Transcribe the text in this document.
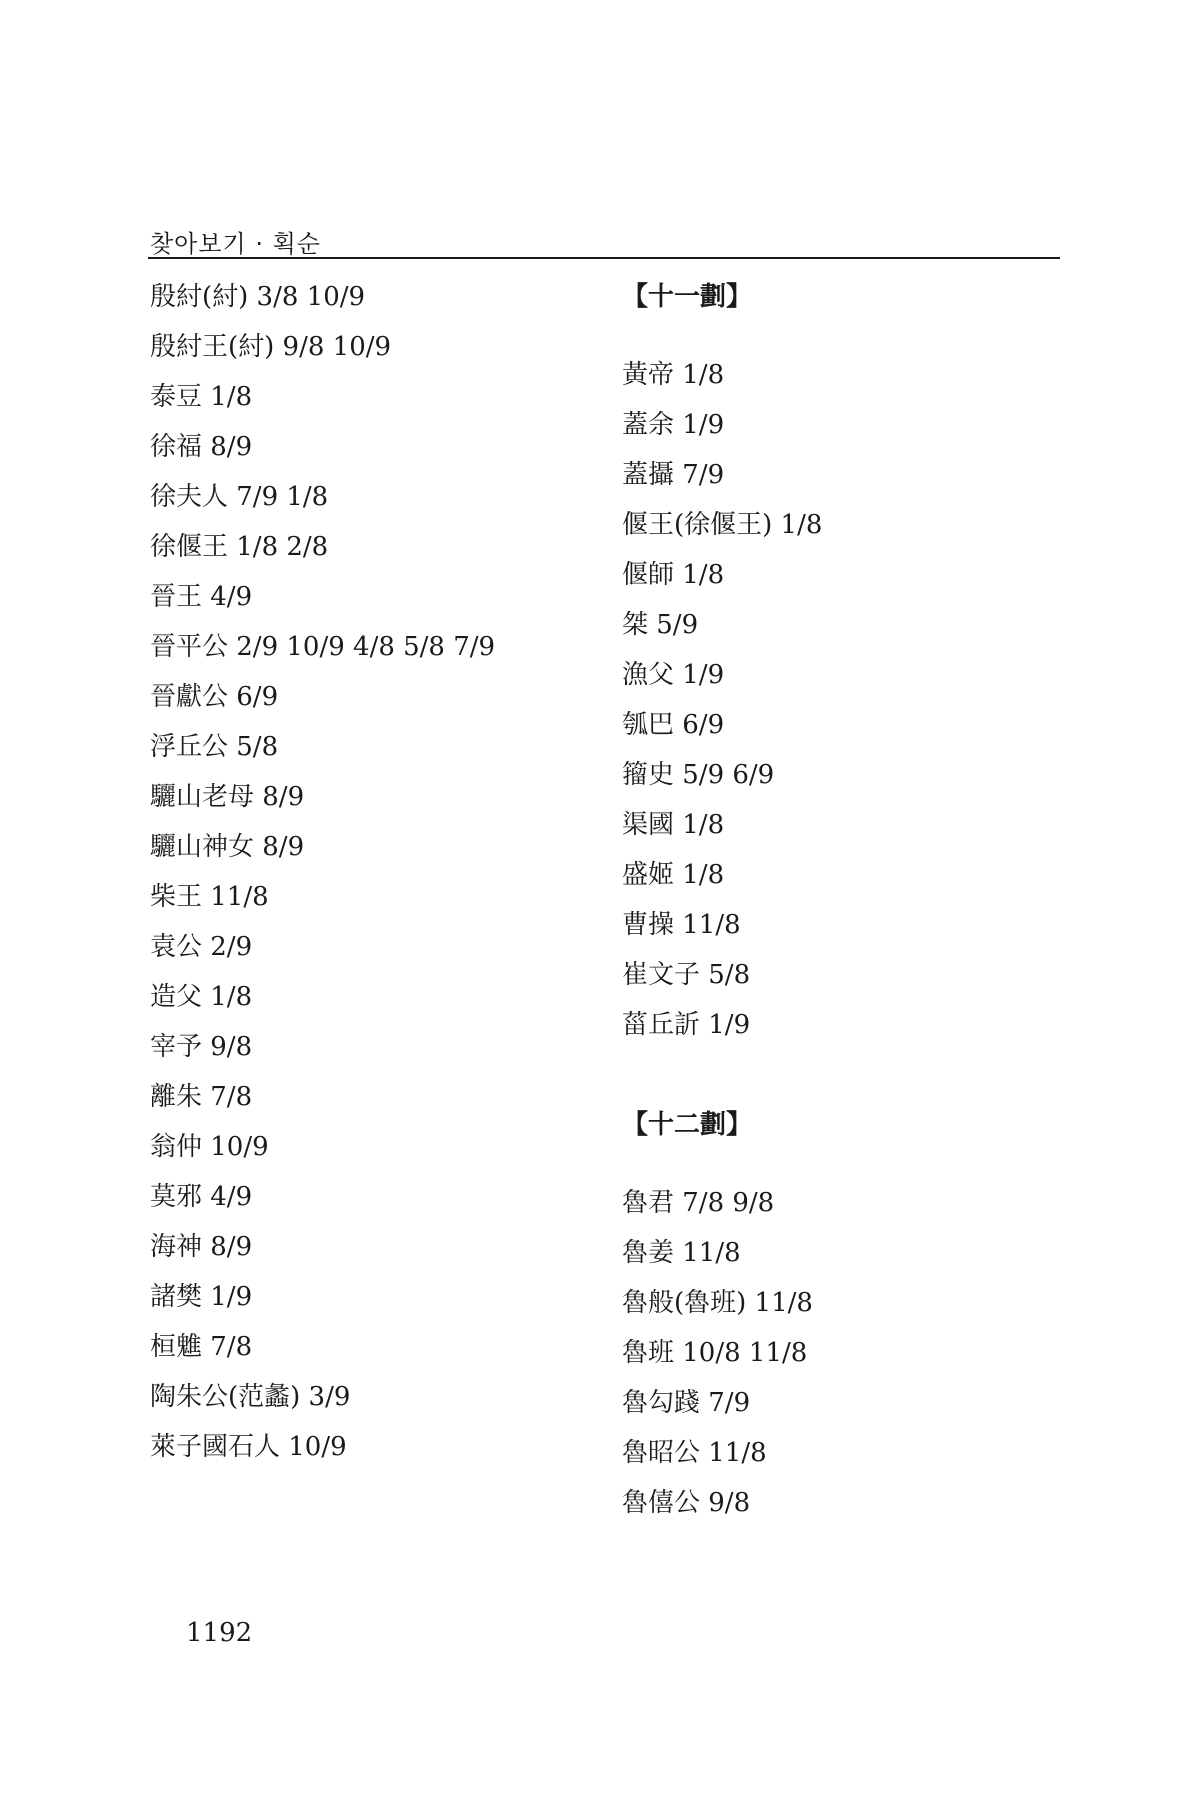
찾아보기 · 획순
殷紂(紂) 3/8 10/9
殷紂王(紂) 9/8 10/9
泰豆 1/8
徐福 8/9
徐夫人 7/9 1/8
徐偃王 1/8 2/8
晉王 4/9
晉平公 2/9 10/9 4/8 5/8 7/9
晉獻公 6/9
浮丘公 5/8
驪山老母 8/9
驪山神女 8/9
柴王 11/8
袁公 2/9
造父 1/8
宰予 9/8
離朱 7/8
翁仲 10/9
莫邪 4/9
海神 8/9
諸樊 1/9
桓魋 7/8
陶朱公(范蠡) 3/9
萊子國石人 10/9
【十一劃】
黃帝 1/8
蓋余 1/9
蓋攝 7/9
偃王(徐偃王) 1/8
偃師 1/8
桀 5/9
漁父 1/9
瓠巴 6/9
籀史 5/9 6/9
渠國 1/8
盛姬 1/8
曹操 11/8
崔文子 5/8
菑丘訢 1/9
【十二劃】
魯君 7/8 9/8
魯姜 11/8
魯般(魯班) 11/8
魯班 10/8 11/8
魯勾踐 7/9
魯昭公 11/8
魯僖公 9/8
1192
